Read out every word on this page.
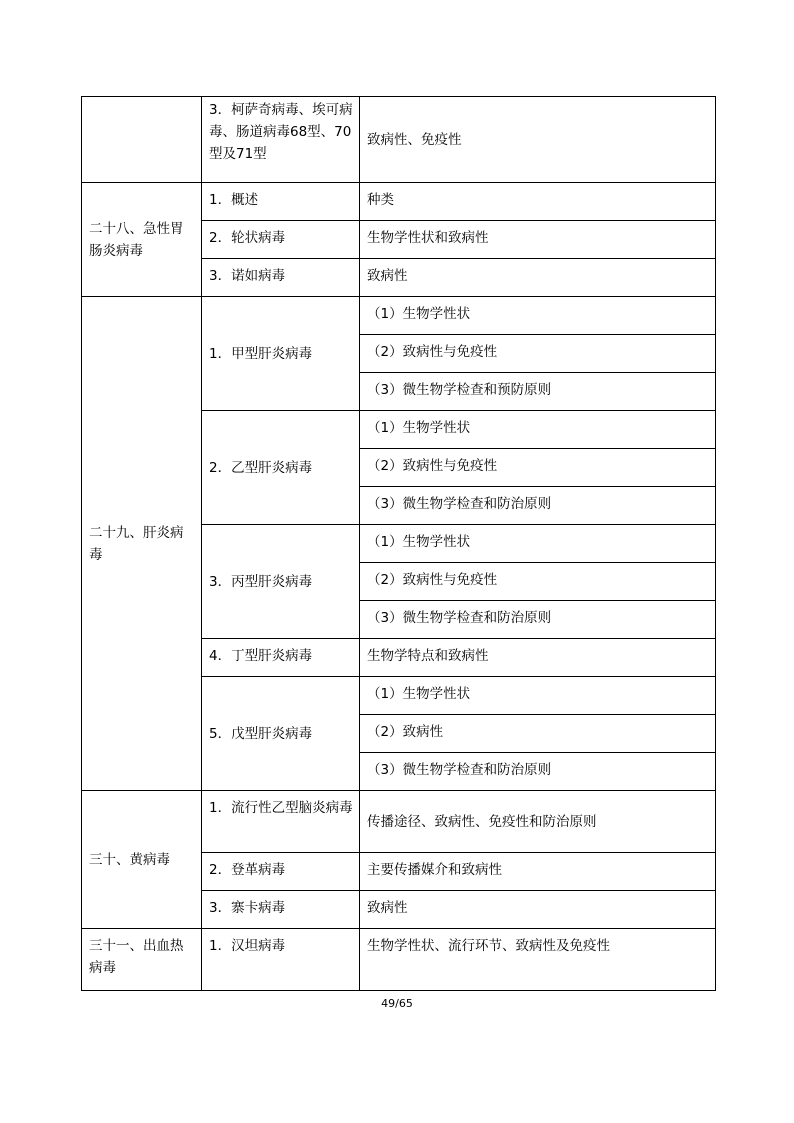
	3．柯萨奇病毒、埃可病毒、肠道病毒68型、70型及71型	致病性、免疫性
二十八、急性胃肠炎病毒	1．概述	种类
	2．轮状病毒	生物学性状和致病性
	3．诺如病毒	致病性
二十九、肝炎病毒	1．甲型肝炎病毒	（1）生物学性状
		（2）致病性与免疫性
		（3）微生物学检查和预防原则
	2．乙型肝炎病毒	（1）生物学性状
		（2）致病性与免疫性
		（3）微生物学检查和防治原则
	3．丙型肝炎病毒	（1）生物学性状
		（2）致病性与免疫性
		（3）微生物学检查和防治原则
	4．丁型肝炎病毒	生物学特点和致病性
	5．戊型肝炎病毒	（1）生物学性状
		（2）致病性
		（3）微生物学检查和防治原则
三十、黄病毒	1．流行性乙型脑炎病毒	传播途径、致病性、免疫性和防治原则
	2．登革病毒	主要传播媒介和致病性
	3．寨卡病毒	致病性
三十一、出血热病毒	1．汉坦病毒	生物学性状、流行环节、致病性及免疫性
49/65
